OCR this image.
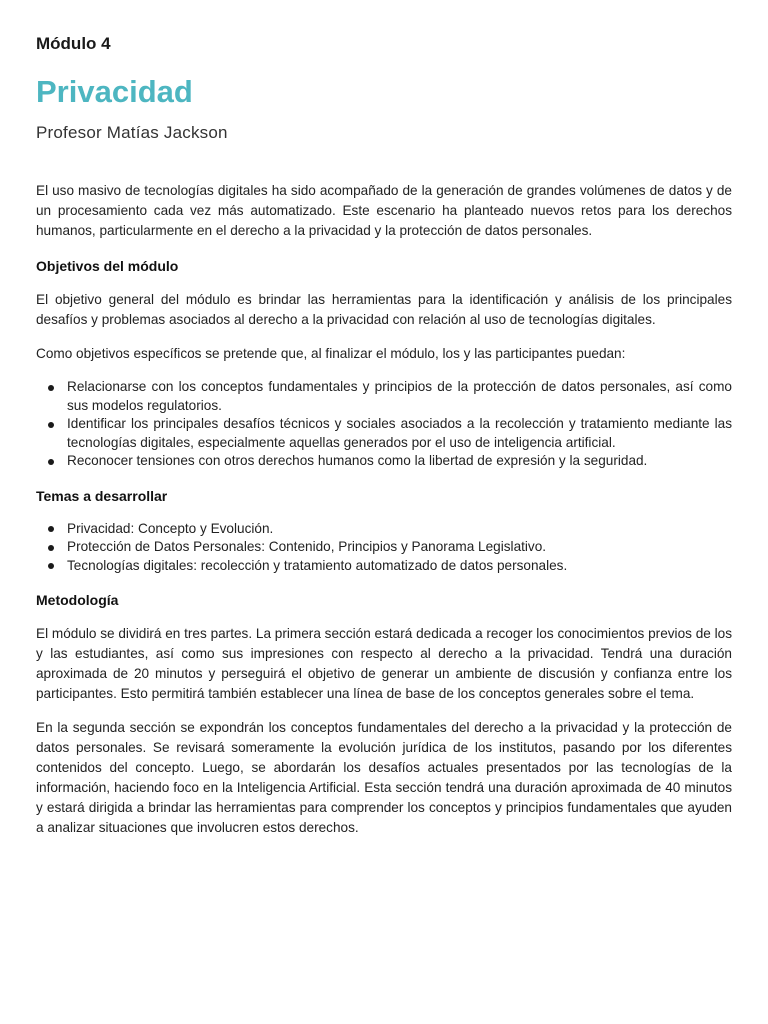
Módulo 4
Privacidad
Profesor Matías Jackson

El uso masivo de tecnologías digitales ha sido acompañado de la generación de grandes volúmenes de datos y de un procesamiento cada vez más automatizado. Este escenario ha planteado nuevos retos para los derechos humanos, particularmente en el derecho a la privacidad y la protección de datos personales.

Objetivos del módulo

El objetivo general del módulo es brindar las herramientas para la identificación y análisis de los principales desafíos y problemas asociados al derecho a la privacidad con relación al uso de tecnologías digitales.

Como objetivos específicos se pretende que, al finalizar el módulo, los y las participantes puedan:

Relacionarse con los conceptos fundamentales y principios de la protección de datos personales, así como sus modelos regulatorios.
Identificar los principales desafíos técnicos y sociales asociados a la recolección y tratamiento mediante las tecnologías digitales, especialmente aquellas generados por el uso de inteligencia artificial.
Reconocer tensiones con otros derechos humanos como la libertad de expresión y la seguridad.
Temas a desarrollar
Privacidad: Concepto y Evolución.
Protección de Datos Personales: Contenido, Principios y Panorama Legislativo.
Tecnologías digitales: recolección y tratamiento automatizado de datos personales.
Metodología

El módulo se dividirá en tres partes. La primera sección estará dedicada a recoger los conocimientos previos de los y las estudiantes, así como sus impresiones con respecto al derecho a la privacidad. Tendrá una duración aproximada de 20 minutos y perseguirá el objetivo de generar un ambiente de discusión y confianza entre los participantes. Esto permitirá también establecer una línea de base de los conceptos generales sobre el tema.

En la segunda sección se expondrán los conceptos fundamentales del derecho a la privacidad y la protección de datos personales. Se revisará someramente la evolución jurídica de los institutos, pasando por los diferentes contenidos del concepto. Luego, se abordarán los desafíos actuales presentados por las tecnologías de la información, haciendo foco en la Inteligencia Artificial. Esta sección tendrá una duración aproximada de 40 minutos y estará dirigida a brindar las herramientas para comprender los conceptos y principios fundamentales que ayuden a analizar situaciones que involucren estos derechos.
